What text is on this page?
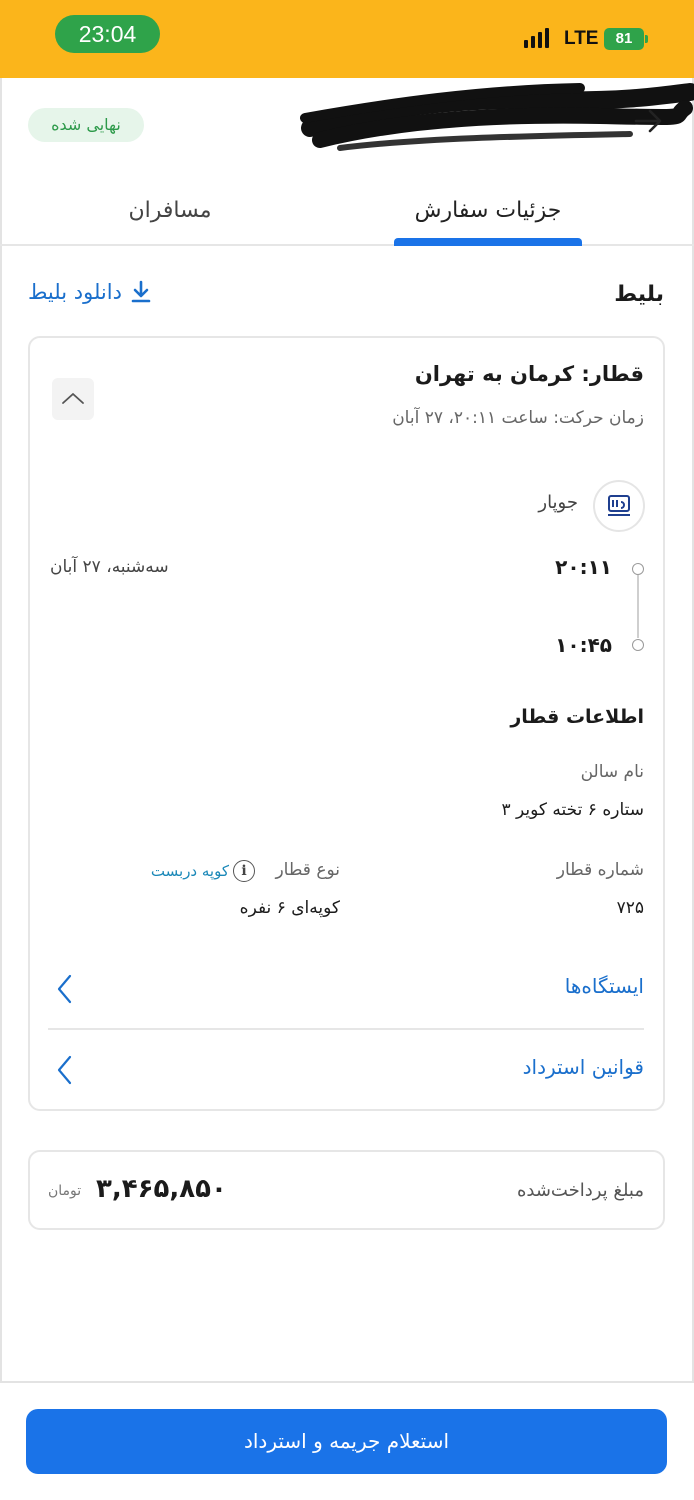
23:04	LTE	81
نهایی شده
جزئیات سفارش
مسافران
بلیط
دانلود بلیط
قطار: کرمان به تهران
زمان حرکت: ساعت ۲۰:۱۱، ۲۷ آبان
جوپار
۲۰:۱۱
۱۰:۴۵
سه‌شنبه، ۲۷ آبان
اطلاعات قطار
نام سالن
۳ ستاره ۶ تخته کویر
شماره قطار
۷۲۵
نوع قطار
کوپه‌ای ۶ نفره
i
کوپه دربست
ایستگاه‌ها
قوانین استرداد
مبلغ پرداخت‌شده
۳,۴۶۵,۸۵۰
تومان
استعلام جریمه و استرداد
